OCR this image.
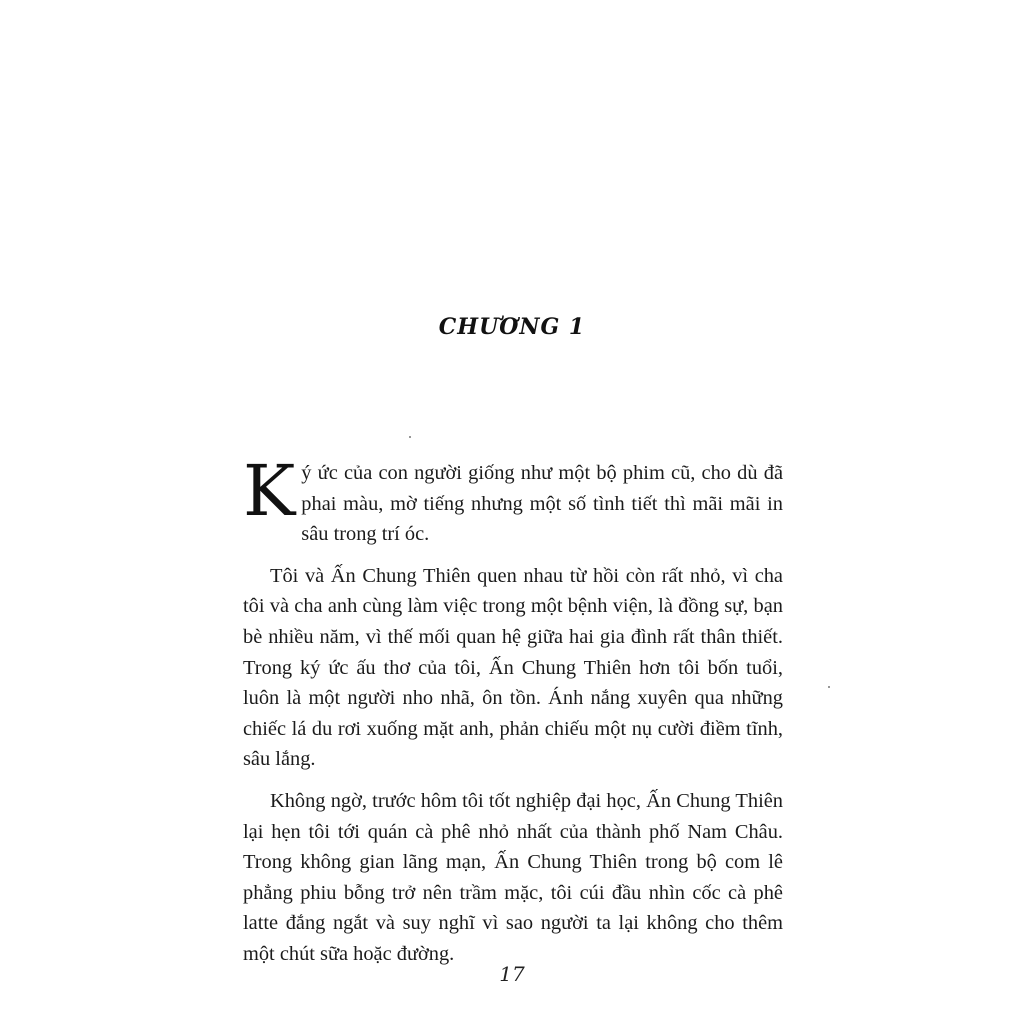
CHƯƠNG 1

Ký ức của con người giống như một bộ phim cũ, cho dù đã phai màu, mờ tiếng nhưng một số tình tiết thì mãi mãi in sâu trong trí óc.

Tôi và Ấn Chung Thiên quen nhau từ hồi còn rất nhỏ, vì cha tôi và cha anh cùng làm việc trong một bệnh viện, là đồng sự, bạn bè nhiều năm, vì thế mối quan hệ giữa hai gia đình rất thân thiết. Trong ký ức ấu thơ của tôi, Ấn Chung Thiên hơn tôi bốn tuổi, luôn là một người nho nhã, ôn tồn. Ánh nắng xuyên qua những chiếc lá du rơi xuống mặt anh, phản chiếu một nụ cười điềm tĩnh, sâu lắng.

Không ngờ, trước hôm tôi tốt nghiệp đại học, Ấn Chung Thiên lại hẹn tôi tới quán cà phê nhỏ nhất của thành phố Nam Châu. Trong không gian lãng mạn, Ấn Chung Thiên trong bộ com lê phẳng phiu bỗng trở nên trầm mặc, tôi cúi đầu nhìn cốc cà phê latte đắng ngắt và suy nghĩ vì sao người ta lại không cho thêm một chút sữa hoặc đường.

17
